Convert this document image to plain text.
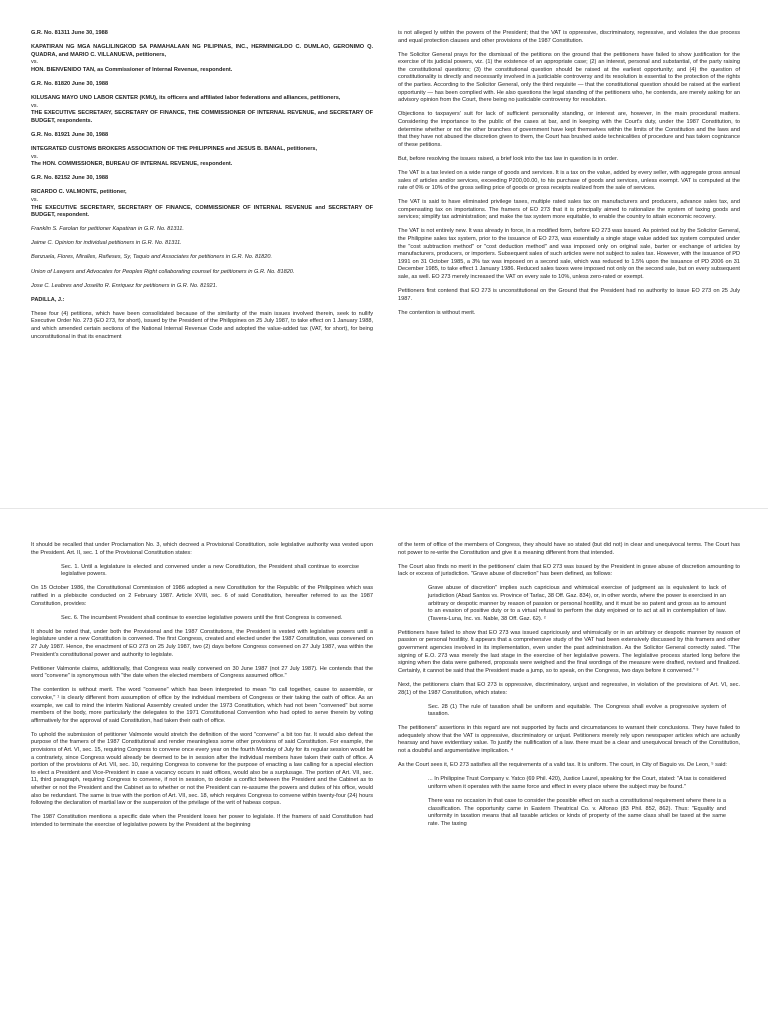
G.R. No. 81311 June 30, 1988

KAPATIRAN NG MGA NAGLILINGKOD SA PAMAHALAAN NG PILIPINAS, INC., HERMINIGILDO C. DUMLAO, GERONIMO Q. QUADRA, and MARIO C. VILLANUEVA, petitioners,

vs.

HON. BIENVENIDO TAN, as Commissioner of Internal Revenue, respondent.

G.R. No. 81820 June 30, 1988

KILUSANG MAYO UNO LABOR CENTER (KMU), its officers and affiliated labor federations and alliances, petitioners,

vs.

THE EXECUTIVE SECRETARY, SECRETARY OF FINANCE, THE COMMISSIONER OF INTERNAL REVENUE, and SECRETARY OF BUDGET, respondents.

G.R. No. 81921 June 30, 1988

INTEGRATED CUSTOMS BROKERS ASSOCIATION OF THE PHILIPPINES and JESUS B. BANAL, petitioners,

vs.

The HON. COMMISSIONER, BUREAU OF INTERNAL REVENUE, respondent.

G.R. No. 82152 June 30, 1988

RICARDO C. VALMONTE, petitioner,

vs.

THE EXECUTIVE SECRETARY, SECRETARY OF FINANCE, COMMISSIONER OF INTERNAL REVENUE and SECRETARY OF BUDGET, respondent.

Franklin S. Farolan for petitioner Kapatiran in G.R. No. 81311.

Jaime C. Opinion for individual petitioners in G.R. No. 81311.

Banzuela, Flores, Miralles, Rañeses, Sy, Taquio and Associates for petitioners in G.R. No. 81820.

Union of Lawyers and Advocates for Peoples Right collaborating counsel for petitioners in G.R. No. 81820.

Jose C. Leabres and Joselito R. Enriquez for petitioners in G.R. No. 81921.

PADILLA, J.:

These four (4) petitions, which have been consolidated because of the similarity of the main issues involved therein, seek to nullify Executive Order No. 273 (EO 273, for short), issued by the President of the Philippines on 25 July 1987, to take effect on 1 January 1988, and which amended certain sections of the National Internal Revenue Code and adopted the value-added tax (VAT, for short), for being unconstitutional in that its enactment

is not alleged ly within the powers of the President; that the VAT is oppressive, discriminatory, regressive, and violates the due process and equal protection clauses and other provisions of the 1987 Constitution.

The Solicitor General prays for the dismissal of the petitions on the ground that the petitioners have failed to show justification for the exercise of its judicial powers, viz. (1) the existence of an appropriate case; (2) an interest, personal and substantial, of the party raising the constitutional questions; (3) the constitutional question should be raised at the earliest opportunity; and (4) the question of constitutionality is directly and necessarily involved in a justiciable controversy and its resolution is essential to the protection of the rights of the parties. According to the Solicitor General, only the third requisite — that the constitutional question should be raised at the earliest opportunity — has been complied with. He also questions the legal standing of the petitioners who, he contends, are merely asking for an advisory opinion from the Court, there being no justiciable controversy for resolution.

Objections to taxpayers' suit for lack of sufficient personality standing, or interest are, however, in the main procedural matters. Considering the importance to the public of the cases at bar, and in keeping with the Court's duty, under the 1987 Constitution, to determine whether or not the other branches of government have kept themselves within the limits of the Constitution and the laws and that they have not abused the discretion given to them, the Court has brushed aside technicalities of procedure and has taken cognizance of these petitions.

But, before resolving the issues raised, a brief look into the tax law in question is in order.

The VAT is a tax levied on a wide range of goods and services. It is a tax on the value, added by every seller, with aggregate gross annual sales of articles and/or services, exceeding P200,00.00, to his purchase of goods and services, unless exempt. VAT is computed at the rate of 0% or 10% of the gross selling price of goods or gross receipts realized from the sale of services.

The VAT is said to have eliminated privilege taxes, multiple rated sales tax on manufacturers and producers, advance sales tax, and compensating tax on importations. The framers of EO 273 that it is principally aimed to rationalize the system of taxing goods and services; simplify tax administration; and make the tax system more equitable, to enable the country to attain economic recovery.

The VAT is not entirely new. It was already in force, in a modified form, before EO 273 was issued. As pointed out by the Solicitor General, the Philippine sales tax system, prior to the issuance of EO 273, was essentially a single stage value added tax system computed under the "cost subtraction method" or "cost deduction method" and was imposed only on original sale, barter or exchange of articles by manufacturers, producers, or importers. Subsequent sales of such articles were not subject to sales tax. However, with the issuance of PD 1991 on 31 October 1985, a 3% tax was imposed on a second sale, which was reduced to 1.5% upon the issuance of PD 2006 on 31 December 1985, to take effect 1 January 1986. Reduced sales taxes were imposed not only on the second sale, but on every subsequent sale, as well. EO 273 merely increased the VAT on every sale to 10%, unless zero-rated or exempt.

Petitioners first contend that EO 273 is unconstitutional on the Ground that the President had no authority to issue EO 273 on 25 July 1987.

The contention is without merit.

It should be recalled that under Proclamation No. 3, which decreed a Provisional Constitution, sole legislative authority was vested upon the President. Art. II, sec. 1 of the Provisional Constitution states:

Sec. 1. Until a legislature is elected and convened under a new Constitution, the President shall continue to exercise legislative powers.

On 15 October 1986, the Constitutional Commission of 1986 adopted a new Constitution for the Republic of the Philippines which was ratified in a plebiscite conducted on 2 February 1987. Article XVIII, sec. 6 of said Constitution, hereafter referred to as the 1987 Constitution, provides:

Sec. 6. The incumbent President shall continue to exercise legislative powers until the first Congress is convened.

It should be noted that, under both the Provisional and the 1987 Constitutions, the President is vested with legislative powers until a legislature under a new Constitution is convened. The first Congress, created and elected under the 1987 Constitution, was convened on 27 July 1987. Hence, the enactment of EO 273 on 25 July 1987, two (2) days before Congress convened on 27 July 1987, was within the President's constitutional power and authority to legislate.

Petitioner Valmonte claims, additionally, that Congress was really convened on 30 June 1987 (not 27 July 1987). He contends that the word "convene" is synonymous with "the date when the elected members of Congress assumed office."

The contention is without merit. The word "convene" which has been interpreted to mean "to call together, cause to assemble, or convoke," ¹ is clearly different from assumption of office by the individual members of Congress or their taking the oath of office. As an example, we call to mind the interim National Assembly created under the 1973 Constitution, which had not been "convened" but some members of the body, more particularly the delegates to the 1971 Constitutional Convention who had opted to serve therein by voting affirmatively for the approval of said Constitution, had taken their oath of office.

To uphold the submission of petitioner Valmonte would stretch the definition of the word "convene" a bit too far. It would also defeat the purpose of the framers of the 1987 Constitutional and render meaningless some other provisions of said Constitution. For example, the provisions of Art. VI, sec. 15, requiring Congress to convene once every year on the fourth Monday of July for its regular session would be a contrariety, since Congress would already be deemed to be in session after the individual members have taken their oath of office. A portion of the provisions of Art. VII, sec. 10, requiring Congress to convene for the purpose of enacting a law calling for a special election to elect a President and Vice-President in case a vacancy occurs in said offices, would also be a surplusage. The portion of Art. VII, sec. 11, third paragraph, requiring Congress to convene, if not in session, to decide a conflict between the President and the Cabinet as to whether or not the President and the Cabinet as to whether or not the President can re-assume the powers and duties of his office, would also be redundant. The same is true with the portion of Art. VII, sec. 18, which requires Congress to convene within twenty-four (24) hours following the declaration of martial law or the suspension of the privilage of the writ of habeas corpus.

The 1987 Constitution mentions a specific date when the President loses her power to legislate. If the framers of said Constitution had intended to terminate the exercise of legislative powers by the President at the beginning

of the term of office of the members of Congress, they should have so stated (but did not) in clear and unequivocal terms. The Court has not power to re-write the Constitution and give it a meaning different from that intended.

The Court also finds no merit in the petitioners' claim that EO 273 was issued by the President in grave abuse of discretion amounting to lack or excess of jurisdiction. "Grave abuse of discretion" has been defined, as follows:

Grave abuse of discretion" implies such capricious and whimsical exercise of judgment as is equivalent to lack of jurisdiction (Abad Santos vs. Province of Tarlac, 38 Off. Gaz. 834), or, in other words, where the power is exercised in an arbitrary or despotic manner by reason of passion or personal hostility, and it must be so patent and gross as to amount to an evasion of positive duty or to a virtual refusal to perform the duty enjoined or to act at all in contemplation of law. (Tavera-Luna, Inc. vs. Nable, 38 Off. Gaz. 62). ²

Petitioners have failed to show that EO 273 was issued capriciously and whimsically or in an arbitrary or despotic manner by reason of passion or personal hostility. It appears that a comprehensive study of the VAT had been extensively discussed by this framers and other government agencies involved in its implementation, even under the past administration. As the Solicitor General correctly sated. "The signing of E.O. 273 was merely the last stage in the exercise of her legislative powers. The legislative process started long before the signing when the data were gathered, proposals were weighed and the final wordings of the measure were drafted, revised and finalized. Certainly, it cannot be said that the President made a jump, so to speak, on the Congress, two days before it convened." ³

Next, the petitioners claim that EO 273 is oppressive, discriminatory, unjust and regressive, in violation of the provisions of Art. VI, sec. 28(1) of the 1987 Constitution, which states:

Sec. 28 (1) The rule of taxation shall be uniform and equitable. The Congress shall evolve a progressive system of taxation.

The petitioners" assertions in this regard are not supported by facts and circumstances to warrant their conclusions. They have failed to adequately show that the VAT is oppressive, discriminatory or unjust. Petitioners merely rely upon newspaper articles which are actually hearsay and have evidentiary value. To justify the nullification of a law. there must be a clear and unequivocal breach of the Constitution, not a doubtful and argumentative implication. ⁴

As the Court sees it, EO 273 satisfies all the requirements of a valid tax. It is uniform. The court, in City of Baguio vs. De Leon, ⁵ said:

... In Philippine Trust Company v. Yatco (69 Phil. 420), Justice Laurel, speaking for the Court, stated: "A tax is considered uniform when it operates with the same force and effect in every place where the subject may be found."

There was no occasion in that case to consider the possible effect on such a constitutional requirement where there is a classification. The opportunity came in Eastern Theatrical Co. v. Alfonso (83 Phil. 852, 862). Thus: "Equality and uniformity in taxation means that all taxable articles or kinds of property of the same class shall be taxed at the same rate. The taxing
